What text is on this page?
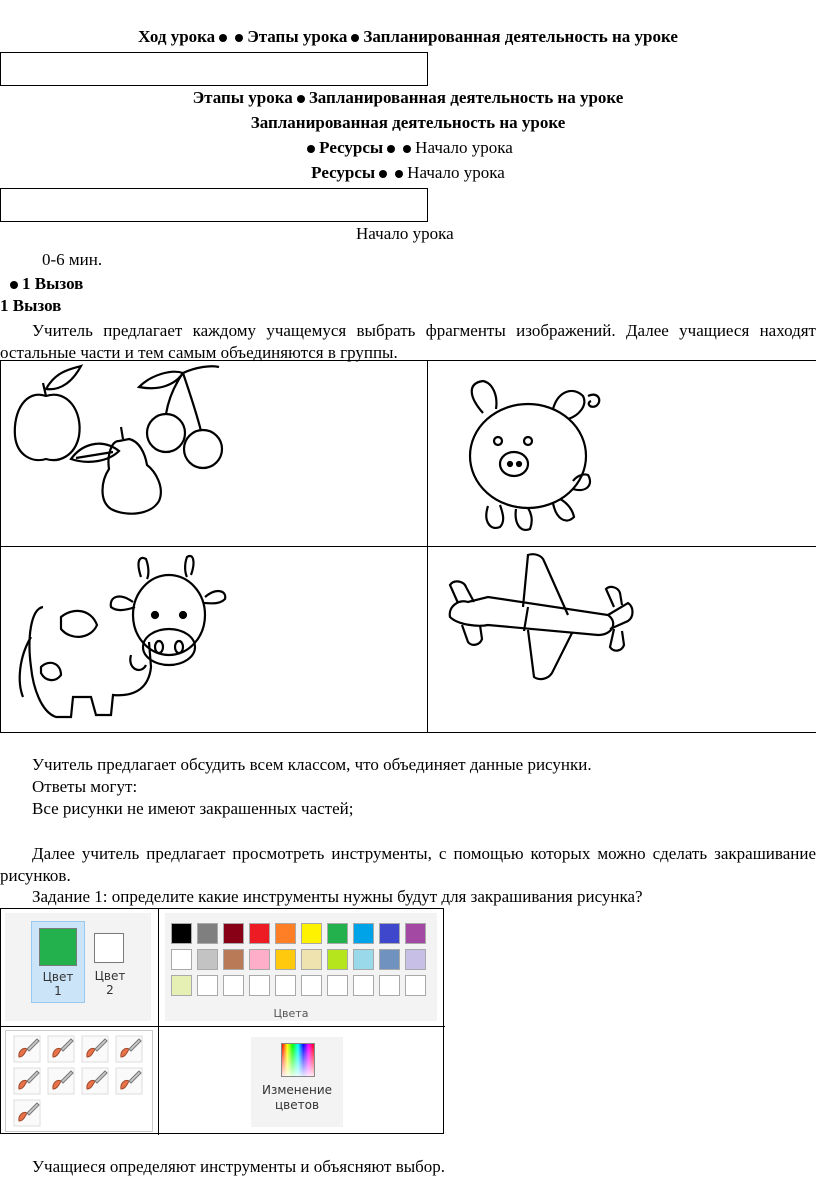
Ход урока Этапы урока Запланированная деятельность на уроке
Этапы урока Запланированная деятельность на уроке
Запланированная деятельность на уроке
Ресурсы Начало урока
Ресурсы Начало урока
Начало урока
0-6 мин.
1 Вызов
1 Вызов
Учитель предлагает каждому учащемуся выбрать фрагменты изображений. Далее учащиеся находят остальные части и тем самым объединяются в группы.

Учитель предлагает обсудить всем классом, что объединяет данные рисунки.
Ответы могут:
Все рисунки не имеют закрашенных частей;
Далее учитель предлагает просмотреть инструменты, с помощью которых можно сделать закрашивание рисунков.
Задание 1: определите какие инструменты нужны будут для закрашивания рисунка?
Цвет
1
Цвет
2
Цвета
Изменение
цветов
Учащиеся определяют инструменты и объясняют выбор.
